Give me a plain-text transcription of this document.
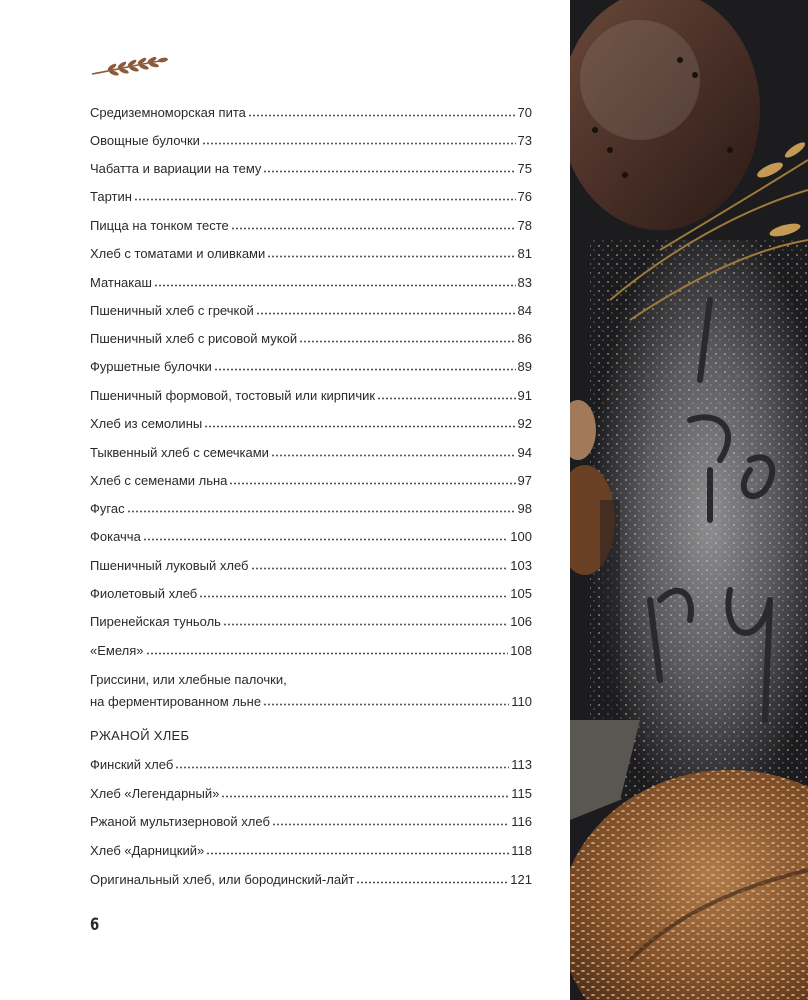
Средиземноморская пита	70
Овощные булочки	73
Чабатта и вариации на тему	75
Тартин	76
Пицца на тонком тесте	78
Хлеб с томатами и оливками	81
Матнакаш	83
Пшеничный хлеб с гречкой	84
Пшеничный хлеб с рисовой мукой	86
Фуршетные булочки	89
Пшеничный формовой, тостовый или кирпичик	91
Хлеб из семолины	92
Тыквенный хлеб с семечками	94
Хлеб с семенами льна	97
Фугас	98
Фокачча	100
Пшеничный луковый хлеб	103
Фиолетовый хлеб	105
Пиренейская туньоль	106
«Емеля»	108
Гриссини, или хлебные палочки,
на ферментированном льне	110
РЖАНОЙ ХЛЕБ
Финский хлеб	113
Хлеб «Легендарный»	115
Ржаной мультизерновой хлеб	116
Хлеб «Дарницкий»	118
Оригинальный хлеб, или бородинский-лайт	121
6
